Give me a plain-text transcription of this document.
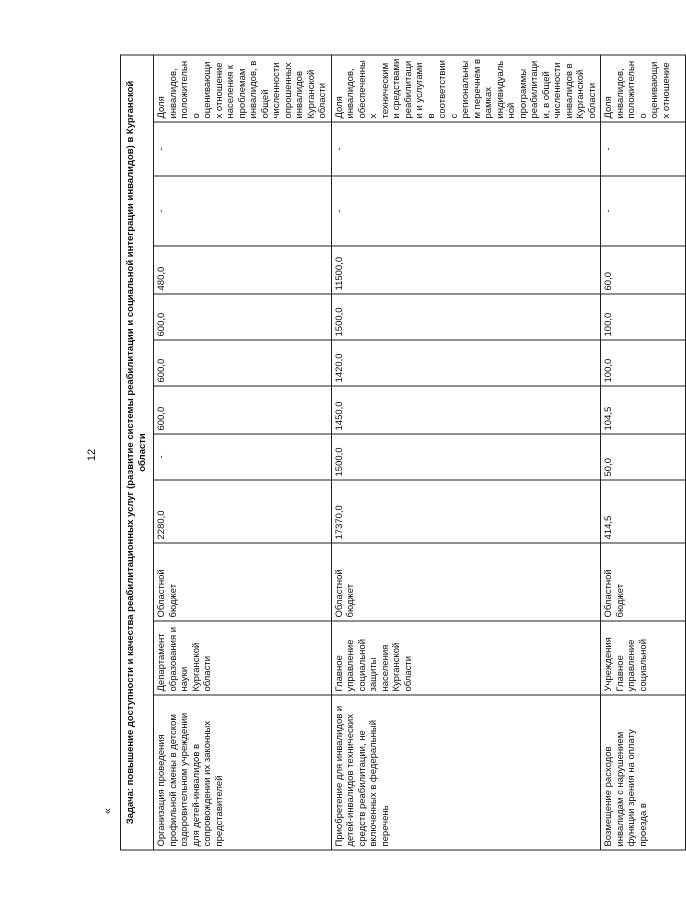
12
« Задача: повышение доступности и качества реабилитационных услуг (развитие системы реабилитации и социальной интеграции инвалидов) в Курганской области											
Организация проведения профильной смены в детском оздоровительном учреждении для детей-инвалидов в сопровождении их законных представителей	Департамент образования и науки Курганской области	Областной бюджет	2280,0	-	600,0	600,0	600,0	480,0	-	-	Доля инвалидов, положительно оценивающих отношение населения к проблемам инвалидов, в общей численности опрошенных инвалидов Курганской области
Приобретение для инвалидов и детей-инвалидов технических средств реабилитации, не включенных в федеральный перечень	Главное управление социальной защиты населения Курганской области	Областной бюджет	17370,0	1500,0	1450,0	1420,0	1500,0	11500,0	-	-	Доля инвалидов, обеспеченных техническими средствами реабилитации и услугами в соответствии с региональным перечнем в рамках индивидуальной программы реабилитации, в общей численности инвалидов в Курганской области
Возмещение расходов инвалидам с нарушением функции зрения на оплату проезда в	Учреждения Главное управление социальной	Областной бюджет	414,5	50,0	104,5	100,0	100,0	60,0	-	-	Доля инвалидов, положительно оценивающих отношение
